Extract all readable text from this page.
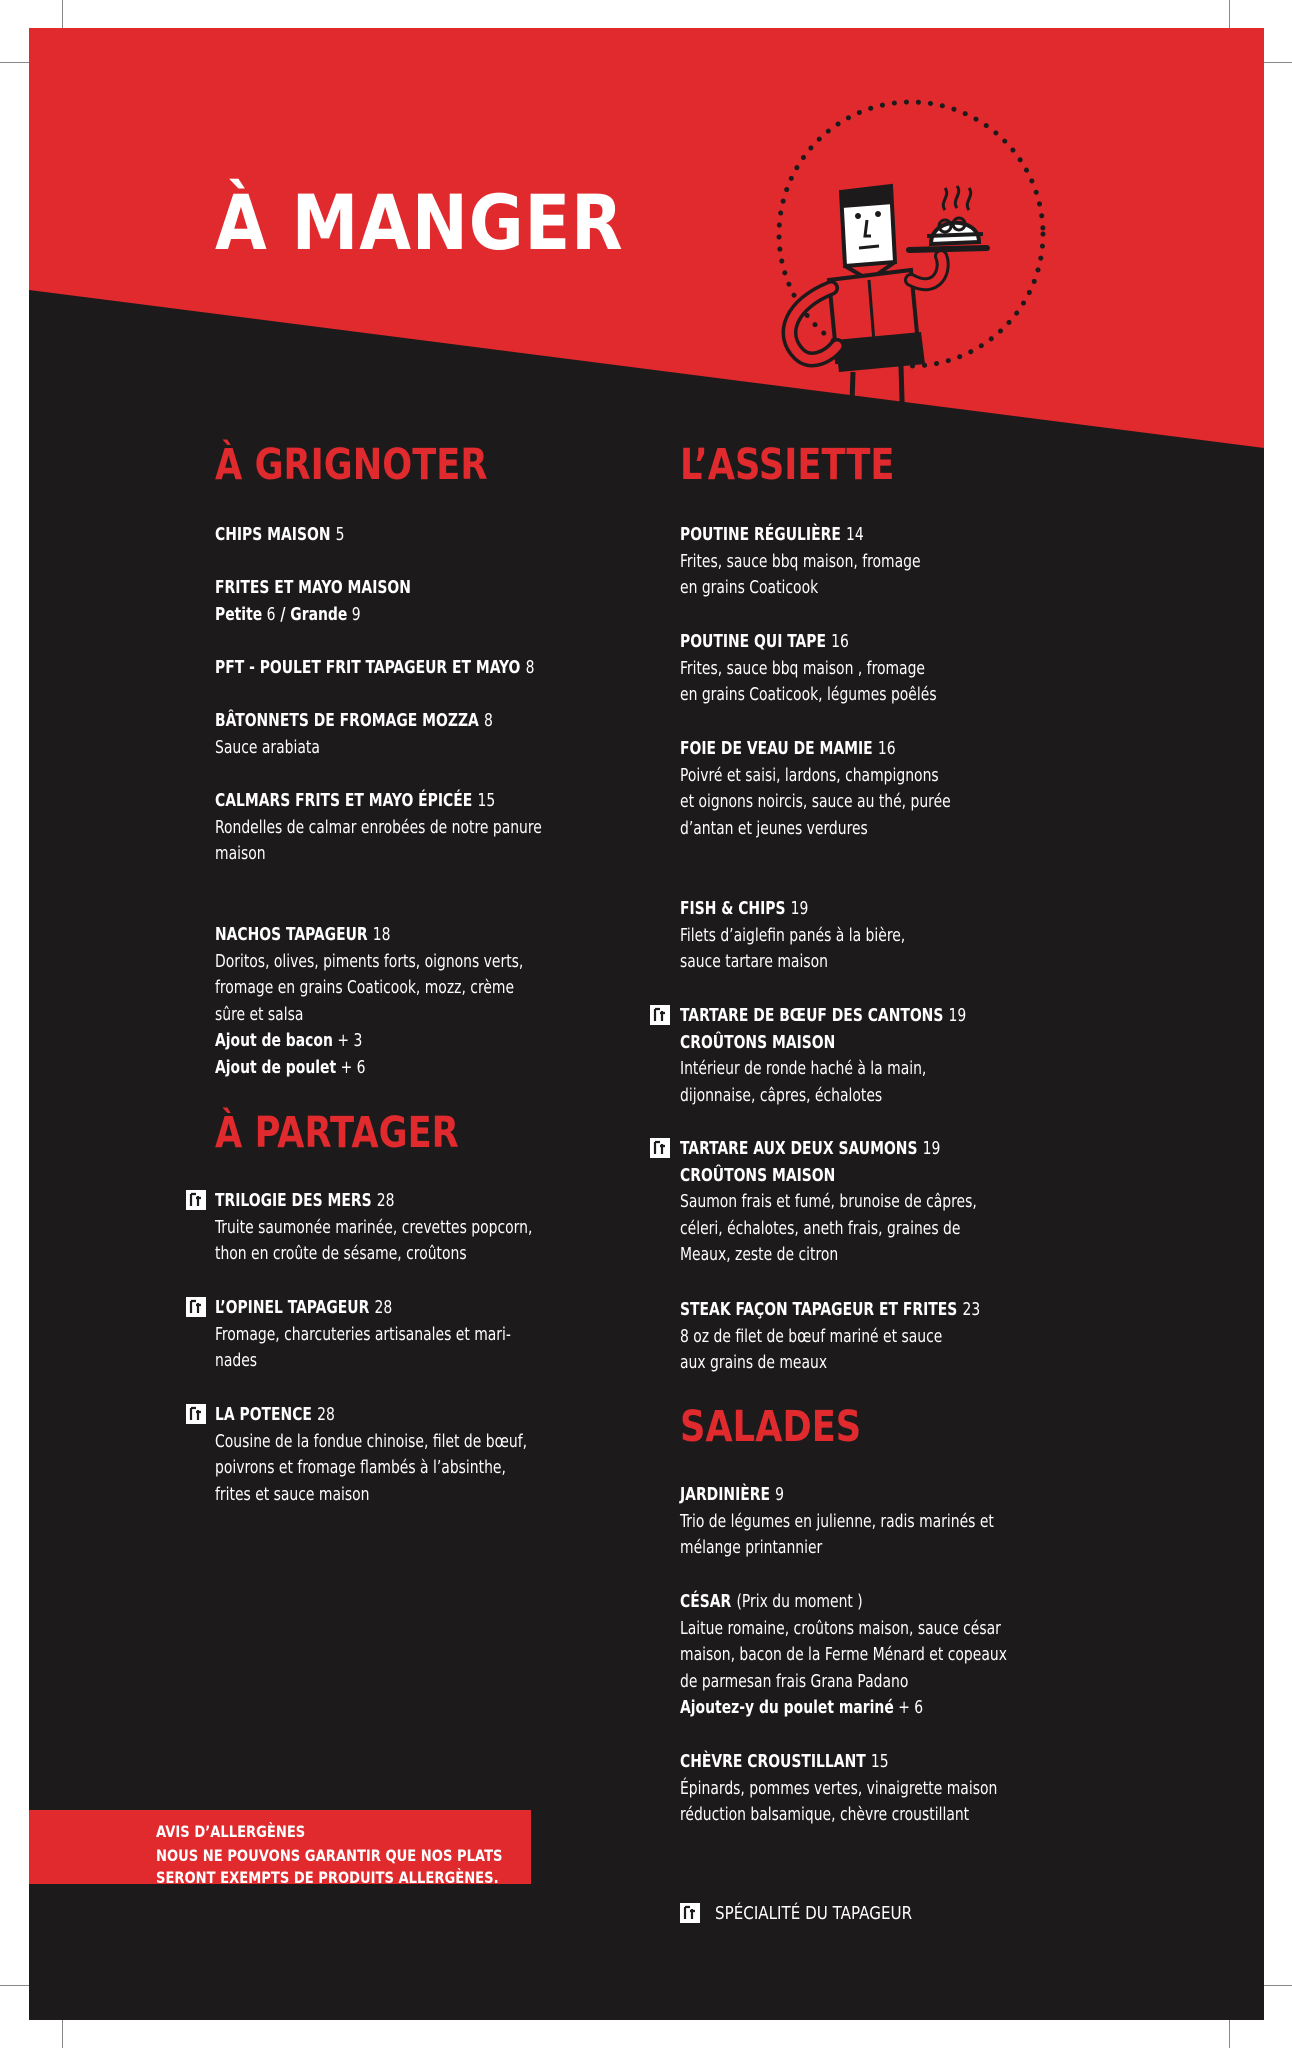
À MANGER
À GRIGNOTER
CHIPS MAISON 5
FRITES ET MAYO MAISON
Petite 6 / Grande 9
PFT - POULET FRIT TAPAGEUR ET MAYO 8
BÂTONNETS DE FROMAGE MOZZA 8
Sauce arabiata
CALMARS FRITS ET MAYO ÉPICÉE 15
Rondelles de calmar enrobées de notre panure
maison
NACHOS TAPAGEUR 18
Doritos, olives, piments forts, oignons verts,
fromage en grains Coaticook, mozz, crème
sûre et salsa
Ajout de bacon + 3
Ajout de poulet + 6
À PARTAGER
TRILOGIE DES MERS 28
Truite saumonée marinée, crevettes popcorn,
thon en croûte de sésame, croûtons
L’OPINEL TAPAGEUR 28
Fromage, charcuteries artisanales et mari-
nades
LA POTENCE 28
Cousine de la fondue chinoise, filet de bœuf,
poivrons et fromage flambés à l’absinthe,
frites et sauce maison
L’ASSIETTE
POUTINE RÉGULIÈRE 14
Frites, sauce bbq maison, fromage
en grains Coaticook
POUTINE QUI TAPE 16
Frites, sauce bbq maison , fromage
en grains Coaticook, légumes poêlés
FOIE DE VEAU DE MAMIE 16
Poivré et saisi, lardons, champignons
et oignons noircis, sauce au thé, purée
d’antan et jeunes verdures
FISH & CHIPS 19
Filets d’aiglefin panés à la bière,
sauce tartare maison
TARTARE DE BŒUF DES CANTONS 19
CROÛTONS MAISON
Intérieur de ronde haché à la main,
dijonnaise, câpres, échalotes
TARTARE AUX DEUX SAUMONS 19
CROÛTONS MAISON
Saumon frais et fumé, brunoise de câpres,
céleri, échalotes, aneth frais, graines de
Meaux, zeste de citron
STEAK FAÇON TAPAGEUR ET FRITES 23
8 oz de filet de bœuf mariné et sauce
aux grains de meaux
SALADES
JARDINIÈRE 9
Trio de légumes en julienne, radis marinés et
mélange printannier
CÉSAR (Prix du moment )
Laitue romaine, croûtons maison, sauce césar
maison, bacon de la Ferme Ménard et copeaux
de parmesan frais Grana Padano
Ajoutez-y du poulet mariné + 6
CHÈVRE CROUSTILLANT 15
Épinards, pommes vertes, vinaigrette maison
réduction balsamique, chèvre croustillant
AVIS D’ALLERGÈNES
NOUS NE POUVONS GARANTIR QUE NOS PLATS
SERONT EXEMPTS DE PRODUITS ALLERGÈNES.
SPÉCIALITÉ DU TAPAGEUR
